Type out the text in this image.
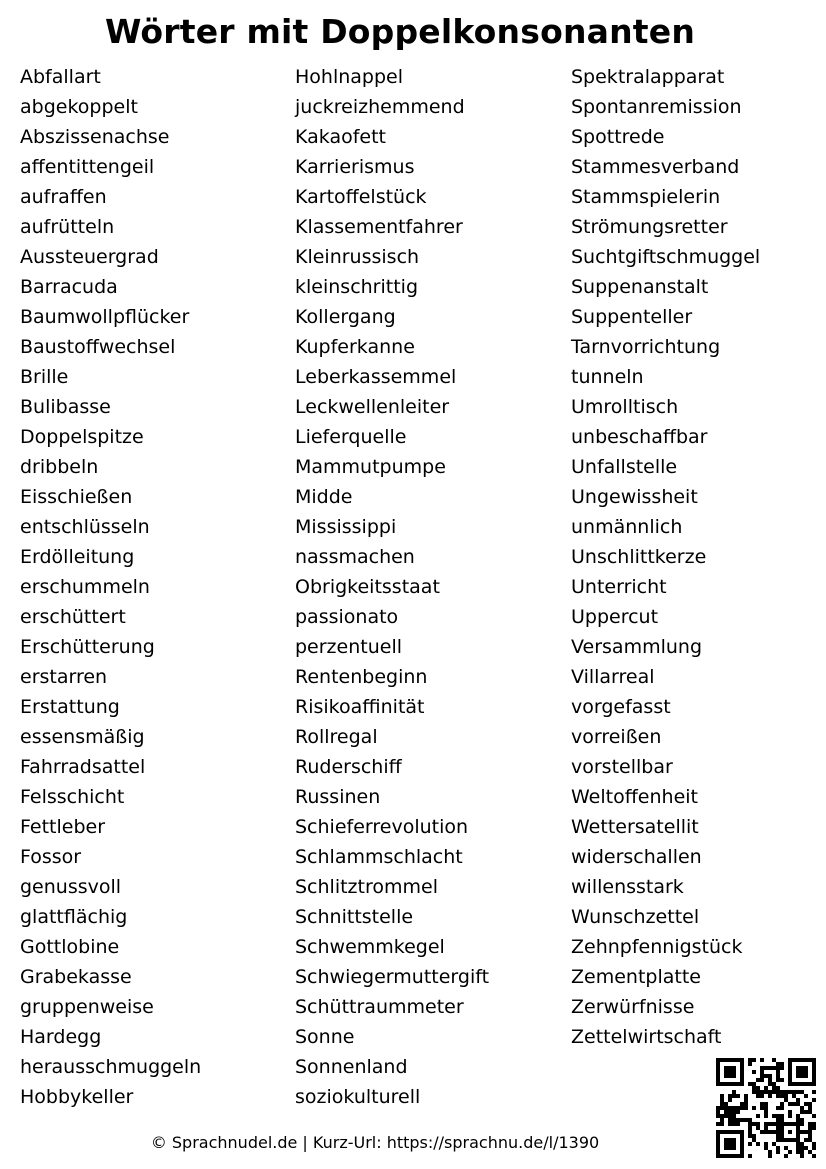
Wörter mit Doppelkonsonanten
Abfallart
abgekoppelt
Abszissenachse
affentittengeil
aufraffen
aufrütteln
Aussteuergrad
Barracuda
Baumwollpflücker
Baustoffwechsel
Brille
Bulibasse
Doppelspitze
dribbeln
Eisschießen
entschlüsseln
Erdölleitung
erschummeln
erschüttert
Erschütterung
erstarren
Erstattung
essensmäßig
Fahrradsattel
Felsschicht
Fettleber
Fossor
genussvoll
glattflächig
Gottlobine
Grabekasse
gruppenweise
Hardegg
herausschmuggeln
Hobbykeller
Hohlnappel
juckreizhemmend
Kakaofett
Karrierismus
Kartoffelstück
Klassementfahrer
Kleinrussisch
kleinschrittig
Kollergang
Kupferkanne
Leberkassemmel
Leckwellenleiter
Lieferquelle
Mammutpumpe
Midde
Mississippi
nassmachen
Obrigkeitsstaat
passionato
perzentuell
Rentenbeginn
Risikoaffinität
Rollregal
Ruderschiff
Russinen
Schieferrevolution
Schlammschlacht
Schlitztrommel
Schnittstelle
Schwemmkegel
Schwiegermuttergift
Schüttraummeter
Sonne
Sonnenland
soziokulturell
Spektralapparat
Spontanremission
Spottrede
Stammesverband
Stammspielerin
Strömungsretter
Suchtgiftschmuggel
Suppenanstalt
Suppenteller
Tarnvorrichtung
tunneln
Umrolltisch
unbeschaffbar
Unfallstelle
Ungewissheit
unmännlich
Unschlittkerze
Unterricht
Uppercut
Versammlung
Villarreal
vorgefasst
vorreißen
vorstellbar
Weltoffenheit
Wettersatellit
widerschallen
willensstark
Wunschzettel
Zehnpfennigstück
Zementplatte
Zerwürfnisse
Zettelwirtschaft
© Sprachnudel.de | Kurz-Url: https://sprachnu.de/l/1390
